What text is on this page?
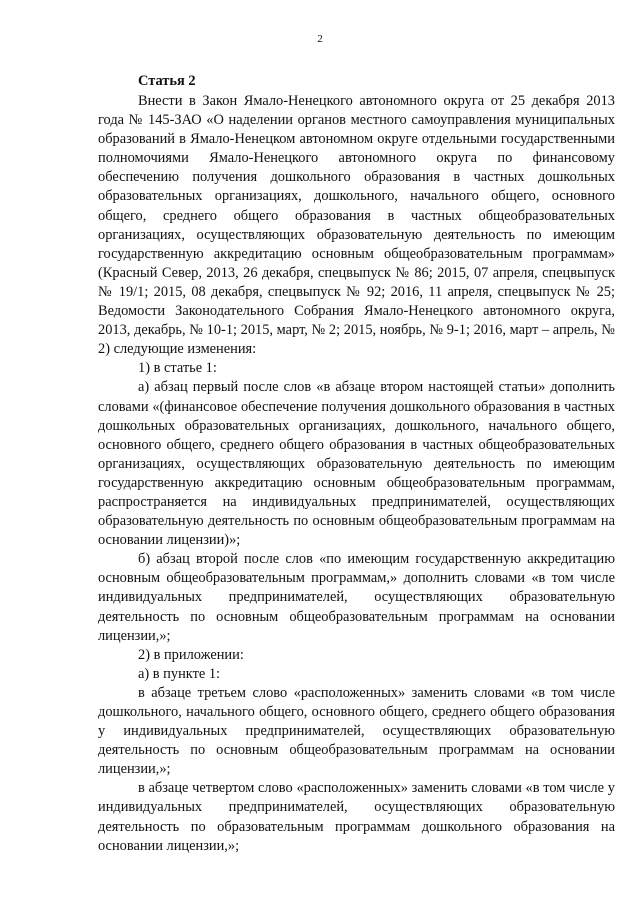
2
Статья 2

Внести в Закон Ямало-Ненецкого автономного округа от 25 декабря 2013 года № 145-ЗАО «О наделении органов местного самоуправления муниципальных образований в Ямало-Ненецком автономном округе отдельными государственными полномочиями Ямало-Ненецкого автономного округа по финансовому обеспечению получения дошкольного образования в частных дошкольных образовательных организациях, дошкольного, начального общего, основного общего, среднего общего образования в частных общеобразовательных организациях, осуществляющих образовательную деятельность по имеющим государственную аккредитацию основным общеобразовательным программам» (Красный Север, 2013, 26 декабря, спецвыпуск № 86; 2015, 07 апреля, спецвыпуск № 19/1; 2015, 08 декабря, спецвыпуск № 92; 2016, 11 апреля, спецвыпуск № 25; Ведомости Законодательного Собрания Ямало-Ненецкого автономного округа, 2013, декабрь, № 10-1; 2015, март, № 2; 2015, ноябрь, № 9-1; 2016, март – апрель, № 2) следующие изменения:

1) в статье 1:

а) абзац первый после слов «в абзаце втором настоящей статьи» дополнить словами «(финансовое обеспечение получения дошкольного образования в частных дошкольных образовательных организациях, дошкольного, начального общего, основного общего, среднего общего образования в частных общеобразовательных организациях, осуществляющих образовательную деятельность по имеющим государственную аккредитацию основным общеобразовательным программам, распространяется на индивидуальных предпринимателей, осуществляющих образовательную деятельность по основным общеобразовательным программам на основании лицензии)»;

б) абзац второй после слов «по имеющим государственную аккредитацию основным общеобразовательным программам,» дополнить словами «в том числе индивидуальных предпринимателей, осуществляющих образовательную деятельность по основным общеобразовательным программам на основании лицензии,»;

2) в приложении:

а) в пункте 1:

в абзаце третьем слово «расположенных» заменить словами «в том числе дошкольного, начального общего, основного общего, среднего общего образования у индивидуальных предпринимателей, осуществляющих образовательную деятельность по основным общеобразовательным программам на основании лицензии,»;

в абзаце четвертом слово «расположенных» заменить словами «в том числе у индивидуальных предпринимателей, осуществляющих образовательную деятельность по образовательным программам дошкольного образования на основании лицензии,»;
